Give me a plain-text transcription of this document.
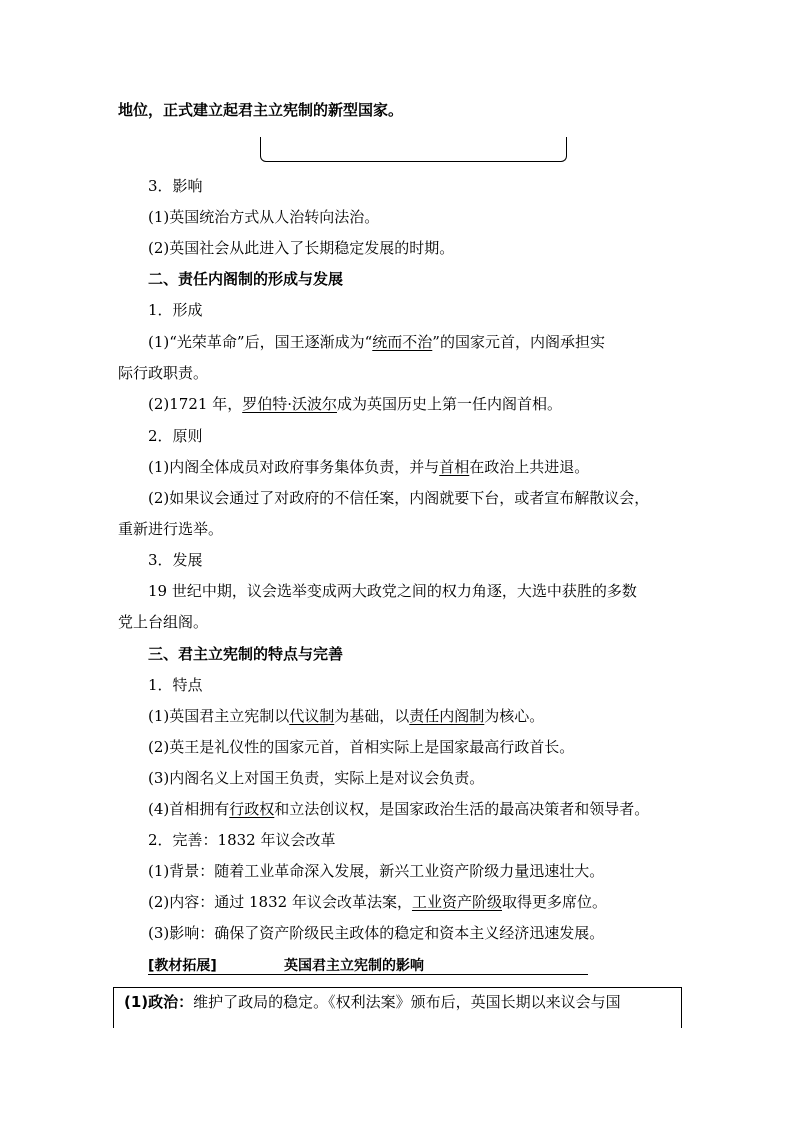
地位，正式建立起君主立宪制的新型国家。
3．影响
(1)英国统治方式从人治转向法治。
(2)英国社会从此进入了长期稳定发展的时期。
二、责任内阁制的形成与发展
1．形成
(1)“光荣革命”后，国王逐渐成为“统而不治”的国家元首，内阁承担实
际行政职责。
(2)1721 年，罗伯特·沃波尔成为英国历史上第一任内阁首相。
2．原则
(1)内阁全体成员对政府事务集体负责，并与首相在政治上共进退。
(2)如果议会通过了对政府的不信任案，内阁就要下台，或者宣布解散议会，
重新进行选举。
3．发展
19 世纪中期，议会选举变成两大政党之间的权力角逐，大选中获胜的多数
党上台组阁。
三、君主立宪制的特点与完善
1．特点
(1)英国君主立宪制以代议制为基础，以责任内阁制为核心。
(2)英王是礼仪性的国家元首，首相实际上是国家最高行政首长。
(3)内阁名义上对国王负责，实际上是对议会负责。
(4)首相拥有行政权和立法创议权，是国家政治生活的最高决策者和领导者。
2．完善：1832 年议会改革
(1)背景：随着工业革命深入发展，新兴工业资产阶级力量迅速壮大。
(2)内容：通过 1832 年议会改革法案，工业资产阶级取得更多席位。
(3)影响：确保了资产阶级民主政体的稳定和资本主义经济迅速发展。
[教材拓展]	英国君主立宪制的影响
(1)政治：维护了政局的稳定。《权利法案》颁布后，英国长期以来议会与国
